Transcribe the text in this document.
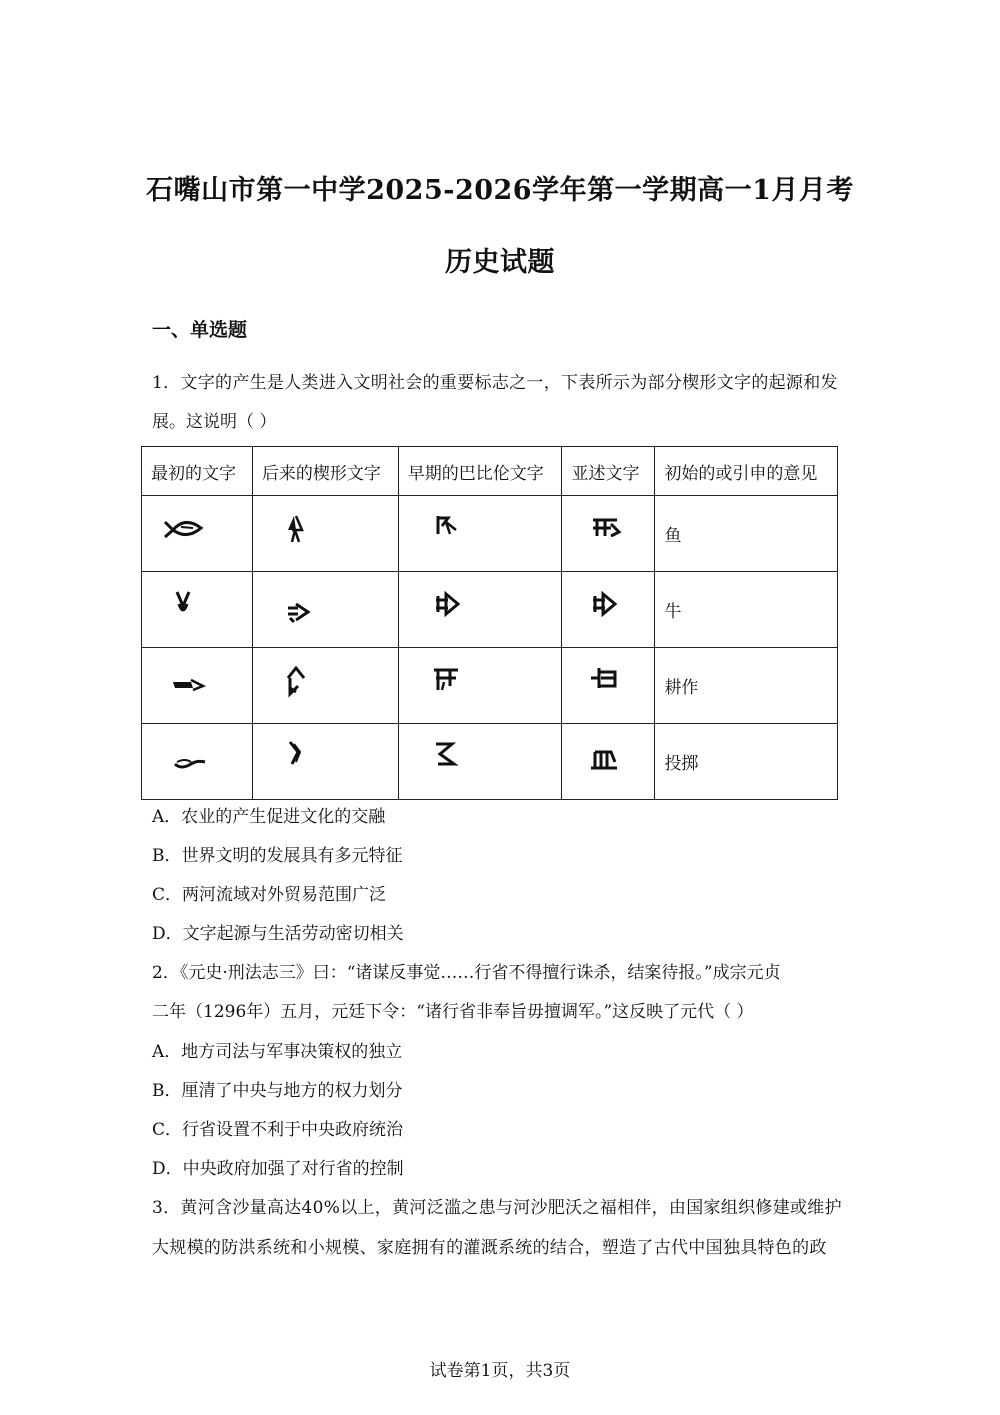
石嘴山市第一中学2025-2026学年第一学期高一1月月考
历史试题
一、单选题
1．文字的产生是人类进入文明社会的重要标志之一，下表所示为部分楔形文字的起源和发
展。这说明（ ）
最初的文字	后来的楔形文字	早期的巴比伦文字	亚述文字	初始的或引申的意见

	鱼

	牛

	耕作

	投掷
A．农业的产生促进文化的交融
B．世界文明的发展具有多元特征
C．两河流域对外贸易范围广泛
D．文字起源与生活劳动密切相关
2．《元史·刑法志三》曰：“诸谋反事觉……行省不得擅行诛杀，结案待报。”成宗元贞
二年（1296年）五月，元廷下令：“诸行省非奉旨毋擅调军。”这反映了元代（ ）
A．地方司法与军事决策权的独立
B．厘清了中央与地方的权力划分
C．行省设置不利于中央政府统治
D．中央政府加强了对行省的控制
3．黄河含沙量高达40%以上，黄河泛滥之患与河沙肥沃之福相伴，由国家组织修建或维护
大规模的防洪系统和小规模、家庭拥有的灌溉系统的结合，塑造了古代中国独具特色的政
试卷第1页，共3页
